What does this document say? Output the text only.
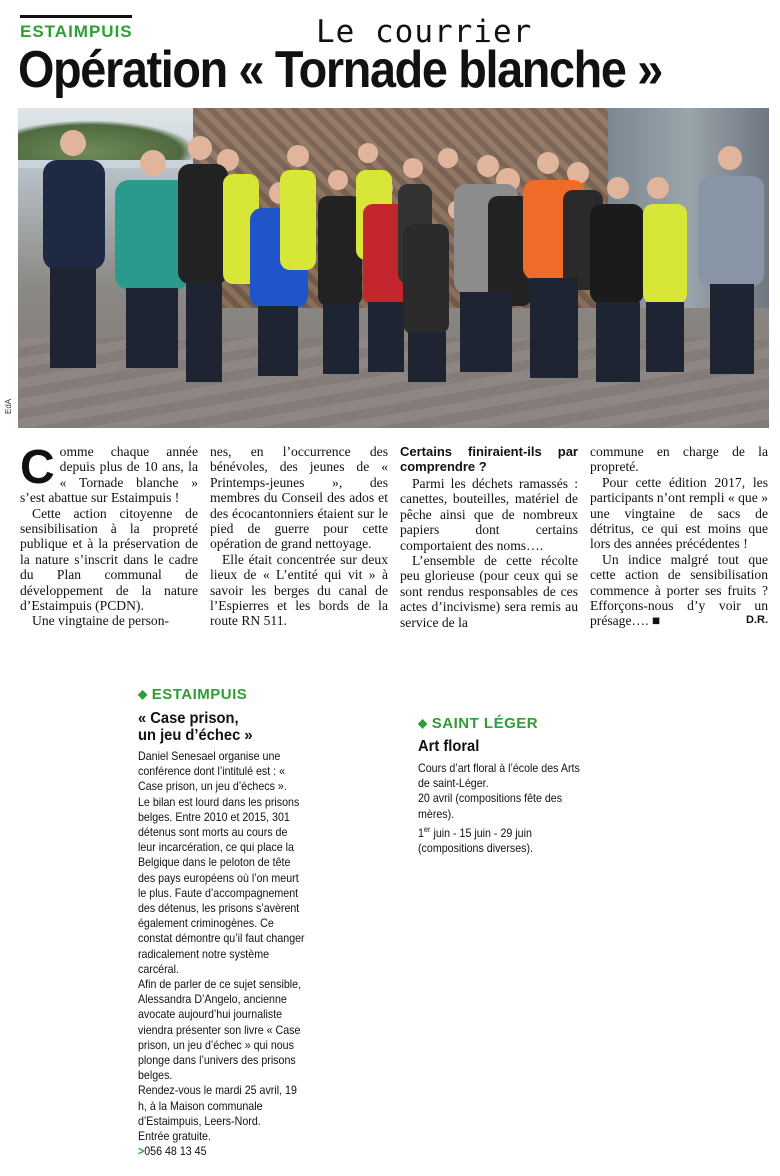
ESTAIMPUIS	Le courrier
Opération « Tornade blanche »
EdA

Comme chaque année depuis plus de 10 ans, la « Tornade blanche » s’est abattue sur Estaimpuis !

Cette action citoyenne de sensibilisation à la propreté publique et à la préservation de la nature s’inscrit dans le cadre du Plan communal de développement de la nature d’Estaimpuis (PCDN).

Une vingtaine de person-

nes, en l’occurrence des bénévoles, des jeunes de « Printemps-jeunes », des membres du Conseil des ados et des écocantonniers étaient sur le pied de guerre pour cette opération de grand nettoyage.

Elle était concentrée sur deux lieux de « L’entité qui vit » à savoir les berges du canal de l’Espierres et les bords de la route RN 511.

Certains finiraient-ils par comprendre ?

Parmi les déchets ramassés : canettes, bouteilles, matériel de pêche ainsi que de nombreux papiers dont certains comportaient des noms….

L’ensemble de cette récolte peu glorieuse (pour ceux qui se sont rendus responsables de ces actes d’incivisme) sera remis au service de la

commune en charge de la propreté.

Pour cette édition 2017, les participants n’ont rempli « que » une vingtaine de sacs de détritus, ce qui est moins que lors des années précédentes !

Un indice malgré tout que cette action de sensibilisation commence à porter ses fruits ? Efforçons-nous d’y voir un présage…. ■	D.R.

◆ ESTAIMPUIS
« Case prison,
un jeu d’échec »

Daniel Senesael organise une conférence dont l’intitulé est : « Case prison, un jeu d’échecs ».

Le bilan est lourd dans les prisons belges. Entre 2010 et 2015, 301 détenus sont morts au cours de leur incarcération, ce qui place la Belgique dans le peloton de tête des pays européens où l’on meurt le plus. Faute d’accompagnement des détenus, les prisons s’avèrent également criminogènes. Ce constat démontre qu’il faut changer radicalement notre système carcéral.

Afin de parler de ce sujet sensible, Alessandra D’Angelo, ancienne avocate aujourd’hui journaliste viendra présenter son livre « Case prison, un jeu d’échec » qui nous plonge dans l’univers des prisons belges.

Rendez-vous le mardi 25 avril, 19 h, à la Maison communale d’Estaimpuis, Leers-Nord.

Entrée gratuite.

>056 48 13 45

◆ SAINT LÉGER
Art floral

Cours d’art floral à l’école des Arts de saint-Léger.

20 avril (compositions fête des mères).

1er juin - 15 juin - 29 juin (compositions diverses).
